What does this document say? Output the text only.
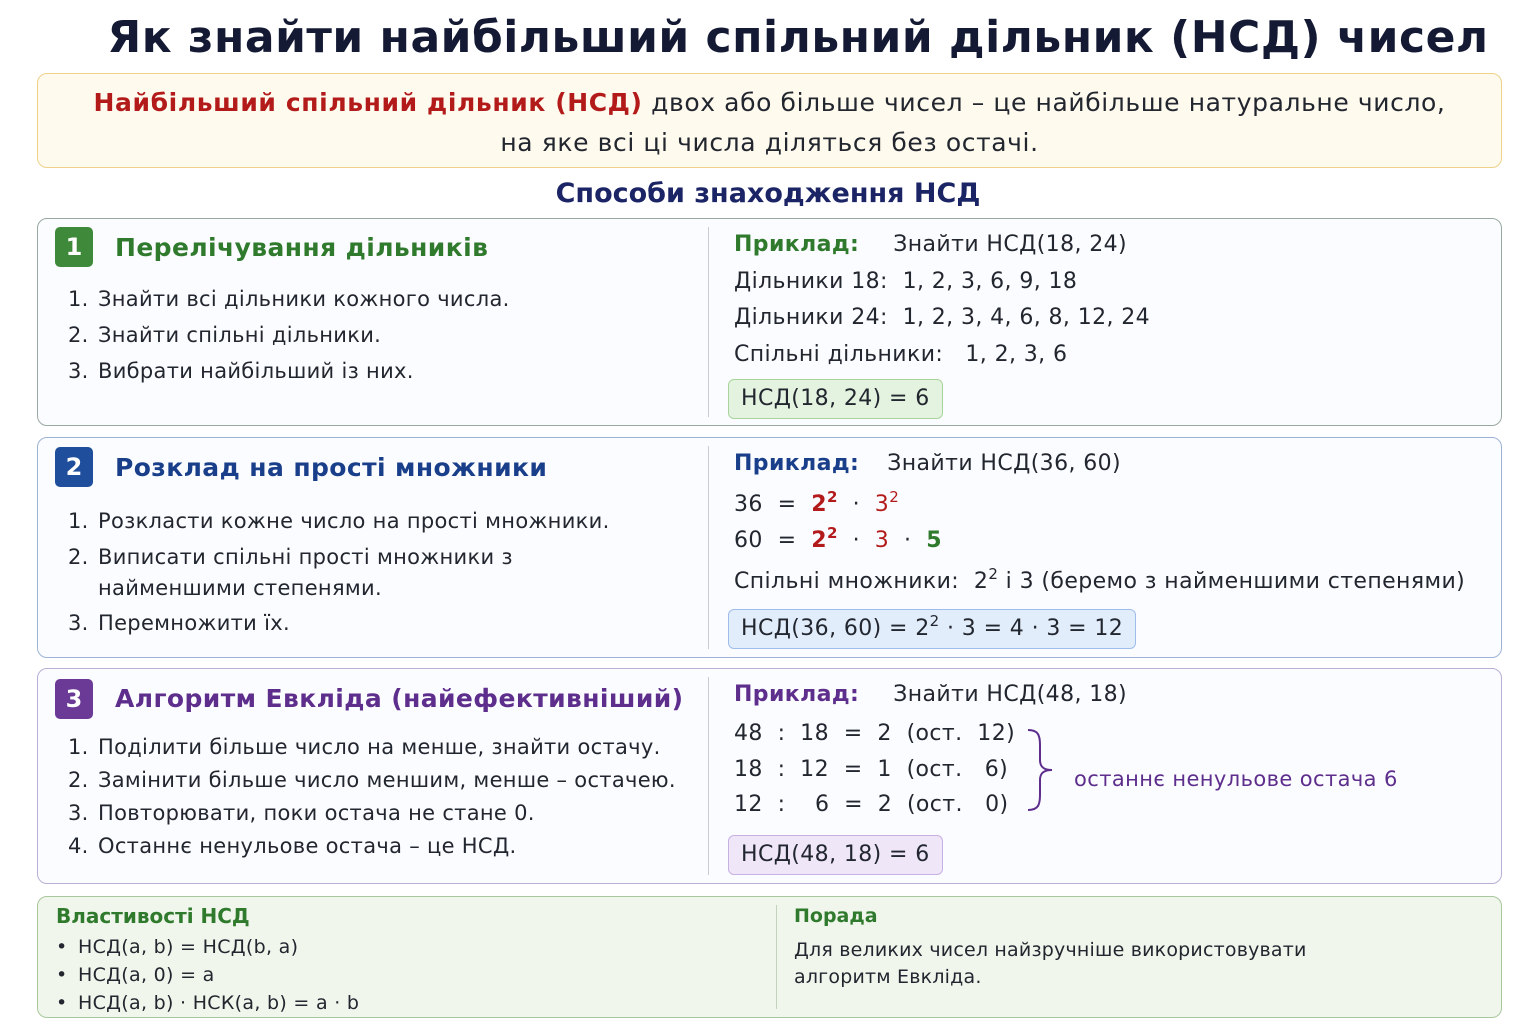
Як знайти найбільший спільний дільник (НСД) чисел
Найбільший спільний дільник (НСД) двох або більше чисел – це найбільше натуральне число,
на яке всі ці числа діляться без остачі.
Способи знаходження НСД
1	Перелічування дільників
1. Знайти всі дільники кожного числа.
2. Знайти спільні дільники.
3. Вибрати найбільший із них.
Приклад: Знайти НСД(18, 24)
Дільники 18: 1, 2, 3, 6, 9, 18
Дільники 24: 1, 2, 3, 4, 6, 8, 12, 24
Спільні дільники: 1, 2, 3, 6
НСД(18, 24) = 6
2	Розклад на прості множники
1. Розкласти кожне число на прості множники.
2. Виписати спільні прості множники з
найменшими степенями.
3. Перемножити їх.
Приклад: Знайти НСД(36, 60)
$36 = 2^2 \cdot 3^2$
$60 = 2^2 \cdot 3 \cdot 5$
Спільні множники: $2^2$ і 3 (беремо з найменшими степенями)
НСД(36, $60) = 2^2 \cdot 3 = 4 \cdot 3 = 12$
3	Алгоритм Евкліда (найефективніший)
1. Поділити більше число на менше, знайти остачу.
2. Замінити більше число меншим, менше – остачею.
3. Повторювати, поки остача не стане 0.
4. Останнє ненульове остача – це НСД.
Приклад: Знайти НСД(48, 18)
48  :  18  =  2  (ост.  12)
18  :  12  =  1  (ост.   6)
12  :    6  =  2  (ост.   0)
останнє ненульове остача 6
НСД(48, 18) = 6
Властивості НСД
• НСД(a, b) = НСД(b, a)
• НСД(a, 0) = a
• НСД(a, b) · НСК(a, b) = a · b
Порада
Для великих чисел найзручніше використовувати алгоритм Евкліда.
